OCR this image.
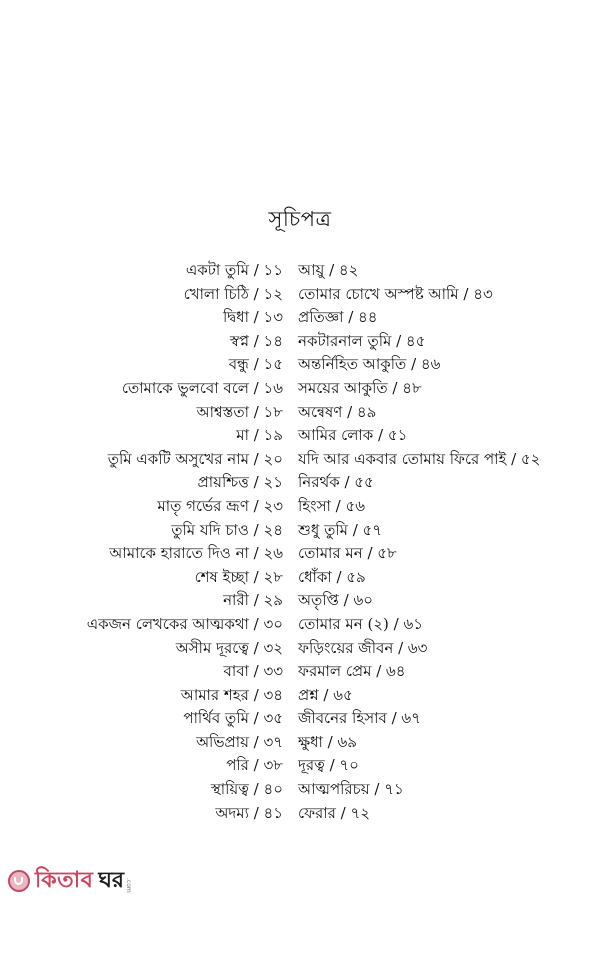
সূচিপত্র
একটা তুমি / ১১ আয়ু / ৪২
খোলা চিঠি / ১২ তোমার চোখে অস্পষ্ট আমি / ৪৩
দ্বিধা / ১৩ প্রতিজ্ঞা / ৪৪
স্বপ্ন / ১৪ নকটারনাল তুমি / ৪৫
বন্ধু / ১৫ অন্তর্নিহিত আকুতি / ৪৬
তোমাকে ভুলবো বলে / ১৬ সময়ের আকুতি / ৪৮
আশ্বস্ততা / ১৮ অন্বেষণ / ৪৯
মা / ১৯ আমির লোক / ৫১
তুমি একটি অসুখের নাম / ২০ যদি আর একবার তোমায় ফিরে পাই / ৫২
প্রায়শ্চিত্ত / ২১ নিরর্থক / ৫৫
মাতৃ গর্ভের ভ্রূণ / ২৩ হিংসা / ৫৬
তুমি যদি চাও / ২৪ শুধু তুমি / ৫৭
আমাকে হারাতে দিও না / ২৬ তোমার মন / ৫৮
শেষ ইচ্ছা / ২৮ ধোঁকা / ৫৯
নারী / ২৯ অতৃপ্তি / ৬০
একজন লেখকের আত্মকথা / ৩০ তোমার মন (২) / ৬১
অসীম দূরত্বে / ৩২ ফড়িংয়ের জীবন / ৬৩
বাবা / ৩৩ ফরমাল প্রেম / ৬৪
আমার শহর / ৩৪ প্রশ্ন / ৬৫
পার্থিব তুমি / ৩৫ জীবনের হিসাব / ৬৭
অভিপ্রায় / ৩৭ ক্ষুধা / ৬৯
পরি / ৩৮ দূরত্ব / ৭০
স্থায়িত্ব / ৪০ আত্মপরিচয় / ৭১
অদম্য / ৪১ ফেরার / ৭২
কিতাব ঘর .com
